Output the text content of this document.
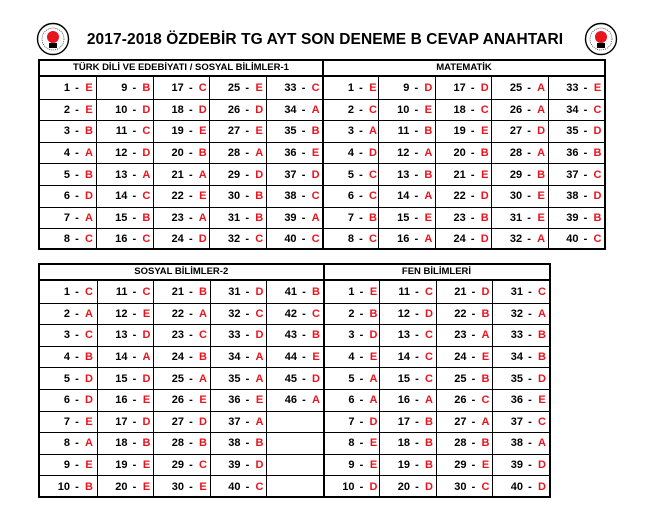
2017-2018 ÖZDEBİR TG AYT SON DENEME B CEVAP ANAHTARI
TÜRK DİLİ VE EDEBİYATI / SOSYAL BİLİMLER-1	MATEMATİK
1 - E
2 - E
3 - B
4 - A
5 - B
6 - D
7 - A
8 - C
9 - B
10 - D
11 - C
12 - D
13 - A
14 - C
15 - B
16 - C
17 - C
18 - D
19 - E
20 - B
21 - A
22 - E
23 - A
24 - D
25 - E
26 - D
27 - E
28 - A
29 - D
30 - B
31 - B
32 - C
33 - C
34 - A
35 - B
36 - E
37 - D
38 - C
39 - A
40 - C
1 - E
2 - C
3 - A
4 - D
5 - C
6 - C
7 - B
8 - C
9 - D
10 - E
11 - B
12 - A
13 - B
14 - A
15 - E
16 - A
17 - D
18 - C
19 - E
20 - B
21 - E
22 - D
23 - B
24 - D
25 - A
26 - A
27 - D
28 - A
29 - B
30 - E
31 - E
32 - A
33 - E
34 - C
35 - D
36 - B
37 - C
38 - D
39 - B
40 - C
SOSYAL BİLİMLER-2	FEN BİLİMLERİ
1 - C
2 - A
3 - C
4 - B
5 - D
6 - D
7 - E
8 - A
9 - E
10 - B
11 - C
12 - E
13 - D
14 - A
15 - D
16 - E
17 - D
18 - B
19 - E
20 - E
21 - B
22 - A
23 - C
24 - B
25 - A
26 - E
27 - D
28 - B
29 - C
30 - E
31 - D
32 - C
33 - D
34 - A
35 - A
36 - E
37 - A
38 - B
39 - D
40 - C
41 - B
42 - C
43 - B
44 - E
45 - D
46 - A
1 - E
2 - B
3 - D
4 - E
5 - A
6 - A
7 - D
8 - E
9 - E
10 - D
11 - C
12 - D
13 - C
14 - C
15 - C
16 - A
17 - B
18 - B
19 - B
20 - D
21 - D
22 - B
23 - A
24 - E
25 - B
26 - C
27 - A
28 - B
29 - E
30 - C
31 - C
32 - A
33 - B
34 - B
35 - D
36 - E
37 - C
38 - A
39 - D
40 - D
